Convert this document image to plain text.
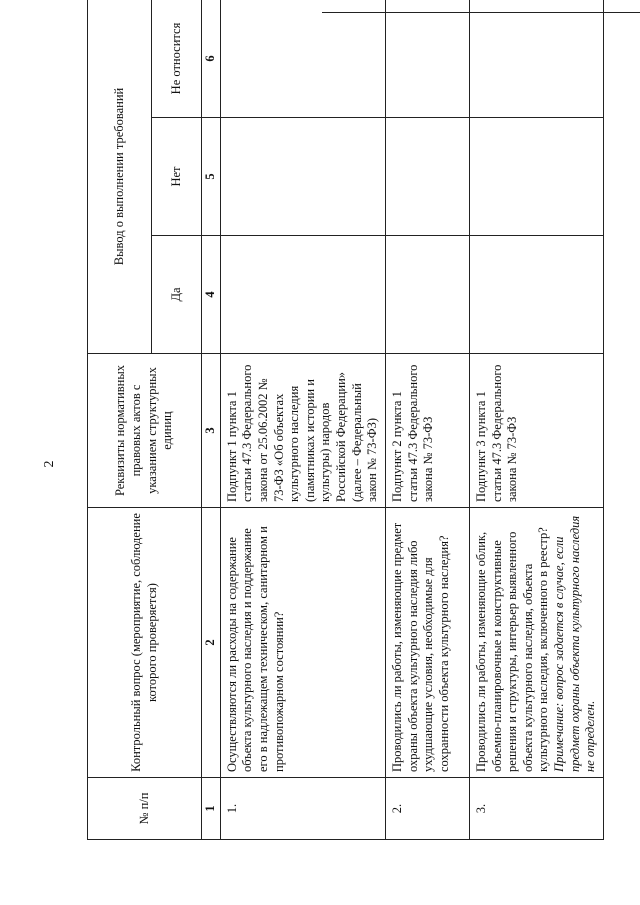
2
№ п/п	Контрольный вопрос (мероприятие, соблюдение которого проверяется)	Реквизиты нормативных правовых актов с указанием структурных единиц	Вывод о выполнении требований		
			Да	Нет	Не относится
1	2	3	4	5	6
1.	Осуществляются ли расходы на содержание объекта культурного наследия и поддержание его в надлежащем техническом, санитарном и противопожарном состоянии?	Подпункт 1 пункта 1 статьи 47.3 Федерального закона от 25.06.2002 № 73-ФЗ «Об объектах культурного наследия (памятниках истории и культуры) народов Российской Федерации» (далее – Федеральный закон № 73-ФЗ)			
2.	Проводились ли работы, изменяющие предмет охраны объекта культурного наследия либо ухудшающие условия, необходимые для сохранности объекта культурного наследия?	Подпункт 2 пункта 1 статьи 47.3 Федерального закона № 73-ФЗ			
3.	Проводились ли работы, изменяющие облик, объемно-планировочные и конструктивные решения и структуры, интерьер выявленного объекта культурного наследия, объекта культурного наследия, включенного в реестр? Примечание: вопрос задается в случае, если предмет охраны объекта культурного наследия не определен.	Подпункт 3 пункта 1 статьи 47.3 Федерального закона № 73-ФЗ			
